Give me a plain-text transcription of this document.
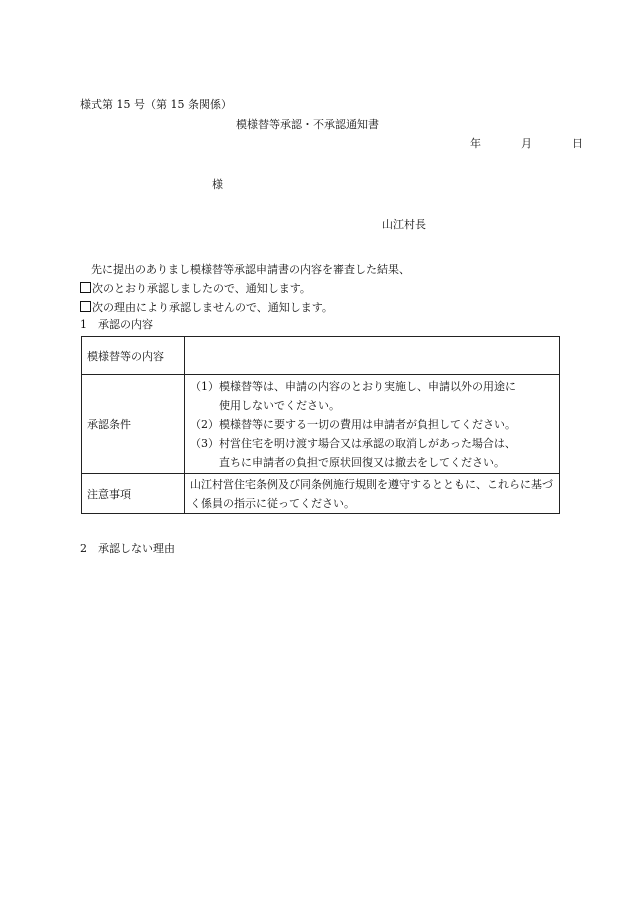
様式第 15 号（第 15 条関係）
模様替等承認・不承認通知書
年	月	日
様
山江村長
先に提出のありまし模様替等承認申請書の内容を審査した結果、
次のとおり承認しましたので、通知します。
次の理由により承認しませんので、通知します。
1　承認の内容
模様替等の内容	
承認条件	（1）模様替等は、申請の内容のとおり実施し、申請以外の用途に
使用しないでください。
（2）模様替等に要する一切の費用は申請者が負担してください。
（3）村営住宅を明け渡す場合又は承認の取消しがあった場合は、
直ちに申請者の負担で原状回復又は撤去をしてください。

注意事項	山江村営住宅条例及び同条例施行規則を遵守するとともに、これらに基づく係員の指示に従ってください。
2　承認しない理由
